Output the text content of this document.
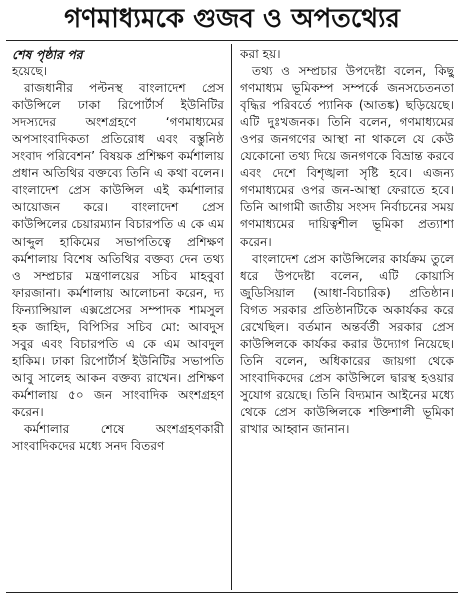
গণমাধ্যমকে গুজব ও অপতথ্যের

শেষ পৃষ্ঠার পর

হয়েছে।

রাজধানীর পল্টনস্থ বাংলাদেশ প্রেস কাউন্সিলে ঢাকা রিপোর্টার্স ইউনিটির সদস্যদের অংশগ্রহণে ‘গণমাধ্যমের অপসাংবাদিকতা প্রতিরোধ এবং বস্তুনিষ্ঠ সংবাদ পরিবেশন’ বিষয়ক প্রশিক্ষণ কর্মশালায় প্রধান অতিথির বক্তব্যে তিনি এ কথা বলেন। বাংলাদেশ প্রেস কাউন্সিল এই কর্মশালার আয়োজন করে। বাংলাদেশ প্রেস কাউন্সিলের চেয়ারম্যান বিচারপতি এ কে এম আব্দুল হাকিমের সভাপতিত্বে প্রশিক্ষণ কর্মশালায় বিশেষ অতিথির বক্তব্য দেন তথ্য ও সম্প্রচার মন্ত্রণালয়ের সচিব মাহবুবা ফারজানা। কর্মশালায় আলোচনা করেন, দ্য ফিন্যান্সিয়াল এক্সপ্রেসের সম্পাদক শামসুল হক জাহিদ, বিপিসির সচিব মো: আবদুস সবুর এবং বিচারপতি এ কে এম আবদুল হাকিম। ঢাকা রিপোর্টার্স ইউনিটির সভাপতি আবু সালেহ আকন বক্তব্য রাখেন। প্রশিক্ষণ কর্মশালায় ৫০ জন সাংবাদিক অংশগ্রহণ করেন।

কর্মশালার শেষে অংশগ্রহণকারী সাংবাদিকদের মধ্যে সনদ বিতরণ

করা হয়।

তথ্য ও সম্প্রচার উপদেষ্টা বলেন, কিছু গণমাধ্যম ভূমিকম্প সম্পর্কে জনসচেতনতা বৃদ্ধির পরিবর্তে প্যানিক (আতঙ্ক) ছড়িয়েছে। এটি দুঃখজনক। তিনি বলেন, গণমাধ্যমের ওপর জনগণের আস্থা না থাকলে যে কেউ যেকোনো তথ্য দিয়ে জনগণকে বিভ্রান্ত করবে এবং দেশে বিশৃঙ্খলা সৃষ্টি হবে। এজন্য গণমাধ্যমের ওপর জন-আস্থা ফেরাতে হবে। তিনি আগামী জাতীয় সংসদ নির্বাচনের সময় গণমাধ্যমের দায়িত্বশীল ভূমিকা প্রত্যাশা করেন।

বাংলাদেশ প্রেস কাউন্সিলের কার্যক্রম তুলে ধরে উপদেষ্টা বলেন, এটি কোয়াসি জুডিসিয়াল (আধা-বিচারিক) প্রতিষ্ঠান। বিগত সরকার প্রতিষ্ঠানটিকে অকার্যকর করে রেখেছিল। বর্তমান অন্তর্বর্তী সরকার প্রেস কাউন্সিলকে কার্যকর করার উদ্যোগ নিয়েছে। তিনি বলেন, অধিকারের জায়গা থেকে সাংবাদিকদের প্রেস কাউন্সিলে দ্বারস্থ হওয়ার সুযোগ রয়েছে। তিনি বিদ্যমান আইনের মধ্যে থেকে প্রেস কাউন্সিলকে শক্তিশালী ভূমিকা রাখার আহ্বান জানান।
